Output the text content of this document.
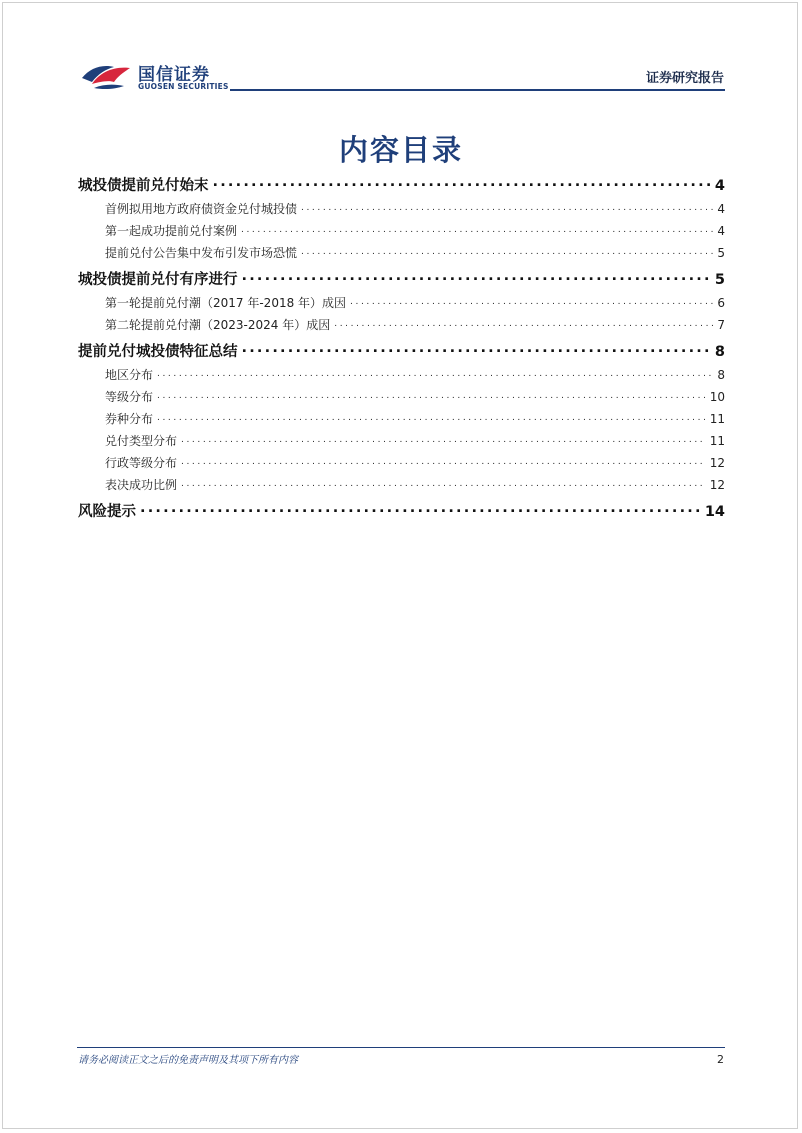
国信证券
GUOSEN SECURITIES
证券研究报告
内容目录
城投债提前兑付始末 .....	4
首例拟用地方政府债资金兑付城投债 .....	4
第一起成功提前兑付案例 .....	4
提前兑付公告集中发布引发市场恐慌 .....	5
城投债提前兑付有序进行 .....	5
第一轮提前兑付潮（2017 年-2018 年）成因 .....	6
第二轮提前兑付潮（2023-2024 年）成因 .....	7
提前兑付城投债特征总结 .....	8
地区分布 .....	8
等级分布 .....	10
券种分布 .....	11
兑付类型分布 .....	11
行政等级分布 .....	12
表决成功比例 .....	12
风险提示 .....	14
请务必阅读正文之后的免责声明及其项下所有内容	2
